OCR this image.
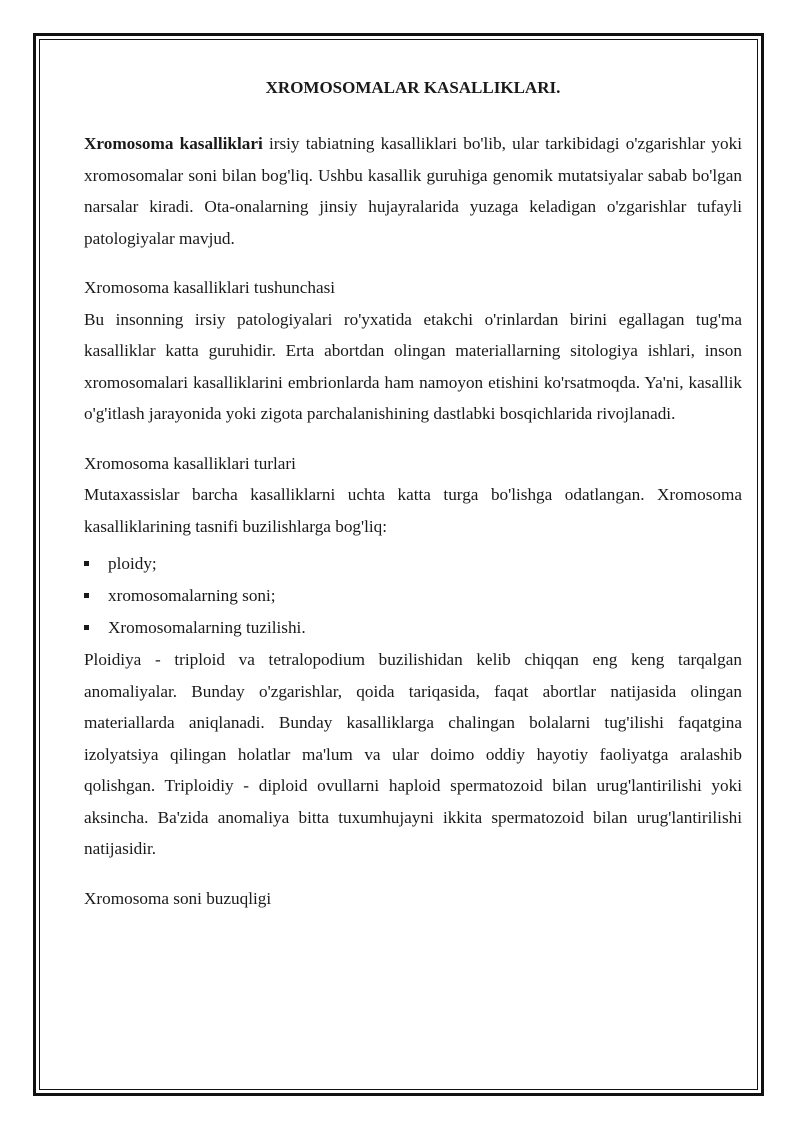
XROMOSOMALAR KASALLIKLARI.

Xromosoma kasalliklari irsiy tabiatning kasalliklari bo'lib, ular tarkibidagi o'zgarishlar yoki xromosomalar soni bilan bog'liq. Ushbu kasallik guruhiga genomik mutatsiyalar sabab bo'lgan narsalar kiradi. Ota-onalarning jinsiy hujayralarida yuzaga keladigan o'zgarishlar tufayli patologiyalar mavjud.

Xromosoma kasalliklari tushunchasi

Bu insonning irsiy patologiyalari ro'yxatida etakchi o'rinlardan birini egallagan tug'ma kasalliklar katta guruhidir. Erta abortdan olingan materiallarning sitologiya ishlari, inson xromosomalari kasalliklarini embrionlarda ham namoyon etishini ko'rsatmoqda. Ya'ni, kasallik o'g'itlash jarayonida yoki zigota parchalanishining dastlabki bosqichlarida rivojlanadi.

Xromosoma kasalliklari turlari

Mutaxassislar barcha kasalliklarni uchta katta turga bo'lishga odatlangan. Xromosoma kasalliklarining tasnifi buzilishlarga bog'liq:

ploidy;
xromosomalarning soni;
Xromosomalarning tuzilishi.

Ploidiya - triploid va tetralopodium buzilishidan kelib chiqqan eng keng tarqalgan anomaliyalar. Bunday o'zgarishlar, qoida tariqasida, faqat abortlar natijasida olingan materiallarda aniqlanadi. Bunday kasalliklarga chalingan bolalarni tug'ilishi faqatgina izolyatsiya qilingan holatlar ma'lum va ular doimo oddiy hayotiy faoliyatga aralashib qolishgan. Triploidiy - diploid ovullarni haploid spermatozoid bilan urug'lantirilishi yoki aksincha. Ba'zida anomaliya bitta tuxumhujayni ikkita spermatozoid bilan urug'lantirilishi natijasidir.

Xromosoma soni buzuqligi
